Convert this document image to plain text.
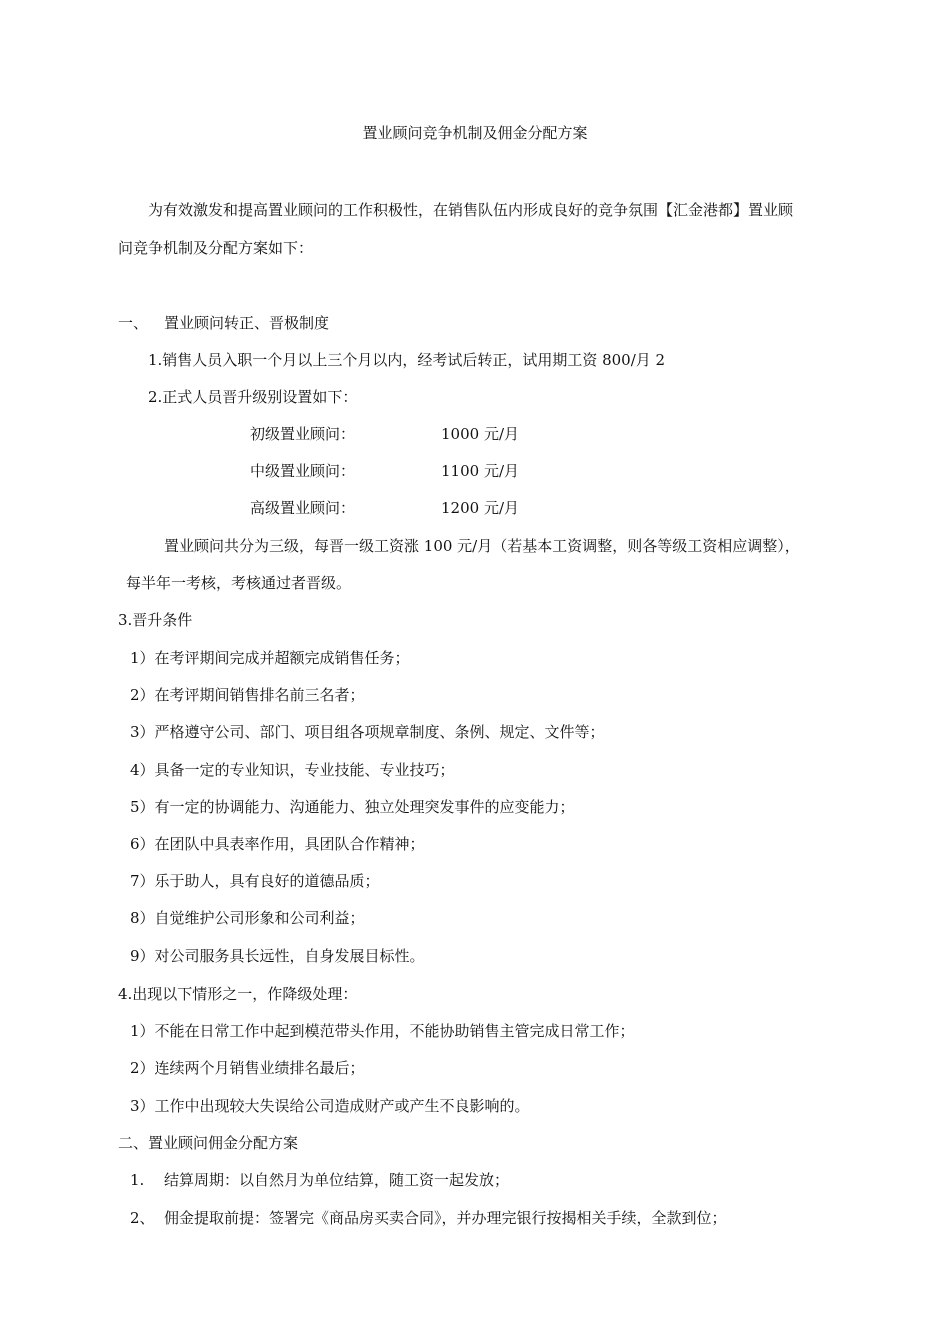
置业顾问竞争机制及佣金分配方案
为有效激发和提高置业顾问的工作积极性，在销售队伍内形成良好的竞争氛围【汇金港都】置业顾
问竞争机制及分配方案如下：
一、 置业顾问转正、晋极制度
1.销售人员入职一个月以上三个月以内，经考试后转正，试用期工资 800/月 2
2.正式人员晋升级别设置如下：
初级置业顾问：	1000 元/月
中级置业顾问：	1100 元/月
高级置业顾问：	1200 元/月
置业顾问共分为三级，每晋一级工资涨 100 元/月（若基本工资调整，则各等级工资相应调整），
每半年一考核，考核通过者晋级。
3.晋升条件
1）在考评期间完成并超额完成销售任务；
2）在考评期间销售排名前三名者；
3）严格遵守公司、部门、项目组各项规章制度、条例、规定、文件等；
4）具备一定的专业知识，专业技能、专业技巧；
5）有一定的协调能力、沟通能力、独立处理突发事件的应变能力；
6）在团队中具表率作用，具团队合作精神；
7）乐于助人，具有良好的道德品质；
8）自觉维护公司形象和公司利益；
9）对公司服务具长远性，自身发展目标性。
4.出现以下情形之一，作降级处理：
1）不能在日常工作中起到模范带头作用，不能协助销售主管完成日常工作；
2）连续两个月销售业绩排名最后；
3）工作中出现较大失误给公司造成财产或产生不良影响的。
二、置业顾问佣金分配方案
1. 结算周期：以自然月为单位结算，随工资一起发放；
2、 佣金提取前提：签署完《商品房买卖合同》，并办理完银行按揭相关手续，全款到位；
